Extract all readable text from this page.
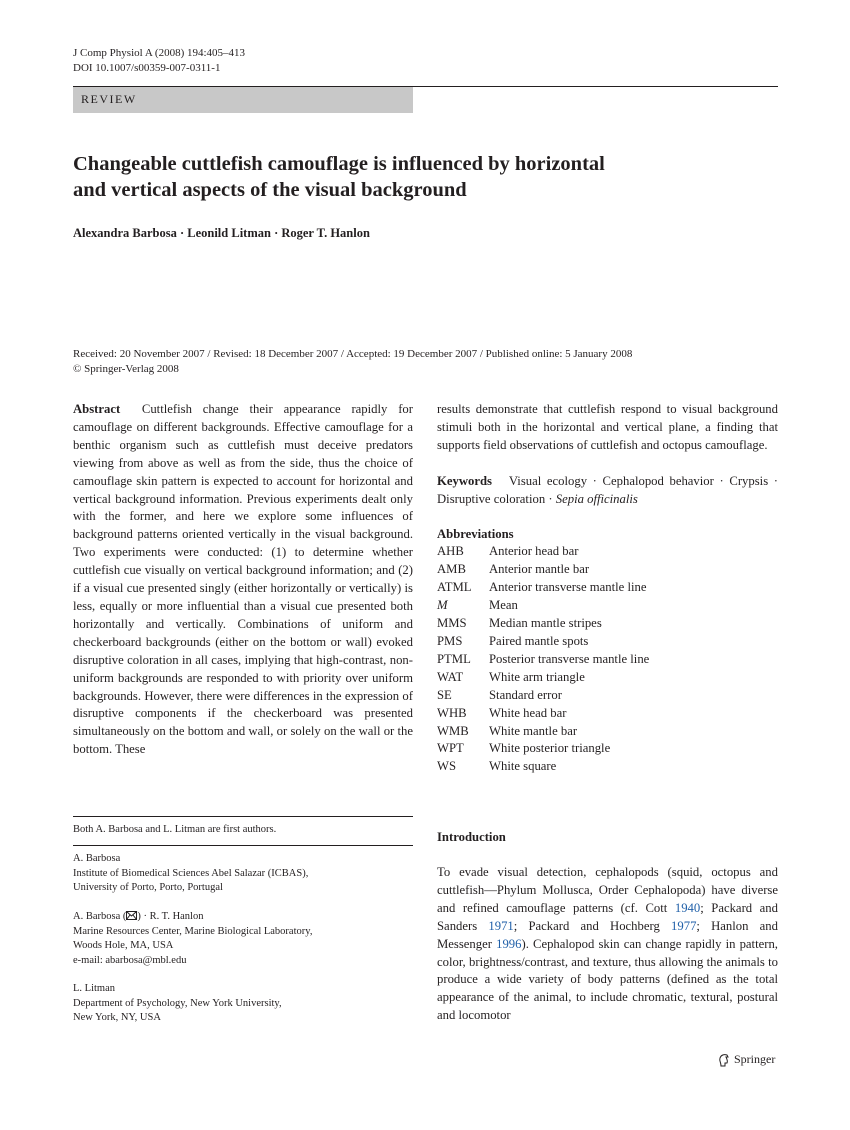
J Comp Physiol A (2008) 194:405–413
DOI 10.1007/s00359-007-0311-1
REVIEW
Changeable cuttlefish camouflage is influenced by horizontal
and vertical aspects of the visual background
Alexandra Barbosa · Leonild Litman · Roger T. Hanlon
Received: 20 November 2007 / Revised: 18 December 2007 / Accepted: 19 December 2007 / Published online: 5 January 2008
© Springer-Verlag 2008
Abstract Cuttlefish change their appearance rapidly for camouflage on different backgrounds. Effective camouflage for a benthic organism such as cuttlefish must deceive predators viewing from above as well as from the side, thus the choice of camouflage skin pattern is expected to account for horizontal and vertical background information. Previous experiments dealt only with the former, and here we explore some influences of background patterns oriented vertically in the visual background. Two experiments were conducted: (1) to determine whether cuttlefish cue visually on vertical background information; and (2) if a visual cue presented singly (either horizontally or vertically) is less, equally or more influential than a visual cue presented both horizontally and vertically. Combinations of uniform and checkerboard backgrounds (either on the bottom or wall) evoked disruptive coloration in all cases, implying that high-contrast, non-uniform backgrounds are responded to with priority over uniform backgrounds. However, there were differences in the expression of disruptive components if the checkerboard was presented simultaneously on the bottom and wall, or solely on the wall or the bottom. These
Both A. Barbosa and L. Litman are first authors.
A. Barbosa
Institute of Biomedical Sciences Abel Salazar (ICBAS),
University of Porto, Porto, Portugal
A. Barbosa ( ) · R. T. Hanlon
Marine Resources Center, Marine Biological Laboratory,
Woods Hole, MA, USA
e-mail: abarbosa@mbl.edu
L. Litman
Department of Psychology, New York University,
New York, NY, USA
results demonstrate that cuttlefish respond to visual background stimuli both in the horizontal and vertical plane, a finding that supports field observations of cuttlefish and octopus camouflage.
Keywords Visual ecology · Cephalopod behavior · Crypsis · Disruptive coloration · Sepia officinalis
Abbreviations
AHB	Anterior head bar
AMB	Anterior mantle bar
ATML	Anterior transverse mantle line
M	Mean
MMS	Median mantle stripes
PMS	Paired mantle spots
PTML	Posterior transverse mantle line
WAT	White arm triangle
SE	Standard error
WHB	White head bar
WMB	White mantle bar
WPT	White posterior triangle
WS	White square
Introduction
To evade visual detection, cephalopods (squid, octopus and cuttlefish—Phylum Mollusca, Order Cephalopoda) have diverse and refined camouflage patterns (cf. Cott 1940; Packard and Sanders 1971; Packard and Hochberg 1977; Hanlon and Messenger 1996). Cephalopod skin can change rapidly in pattern, color, brightness/contrast, and texture, thus allowing the animals to produce a wide variety of body patterns (defined as the total appearance of the animal, to include chromatic, textural, postural and locomotor
Springer
